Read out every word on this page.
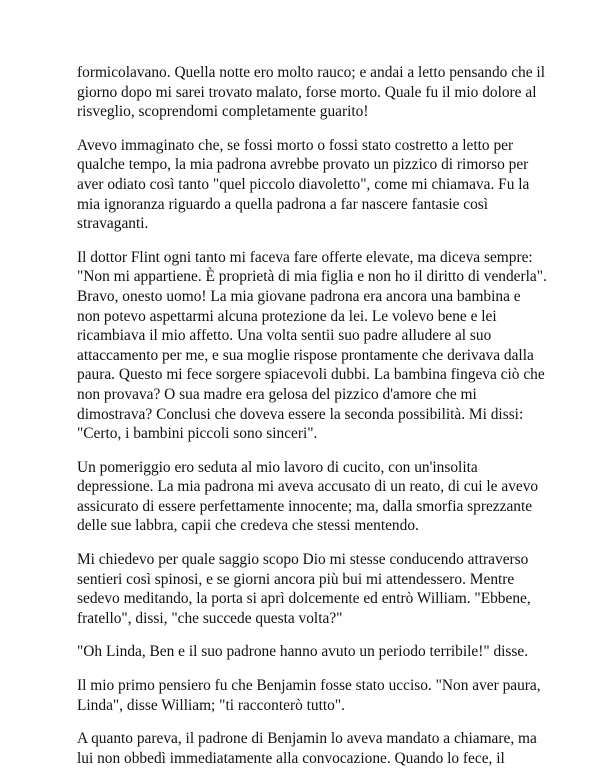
formicolavano. Quella notte ero molto rauco; e andai a letto pensando che il
giorno dopo mi sarei trovato malato, forse morto. Quale fu il mio dolore al
risveglio, scoprendomi completamente guarito!

Avevo immaginato che, se fossi morto o fossi stato costretto a letto per
qualche tempo, la mia padrona avrebbe provato un pizzico di rimorso per
aver odiato così tanto "quel piccolo diavoletto", come mi chiamava. Fu la
mia ignoranza riguardo a quella padrona a far nascere fantasie così
stravaganti.

Il dottor Flint ogni tanto mi faceva fare offerte elevate, ma diceva sempre:
"Non mi appartiene. È proprietà di mia figlia e non ho il diritto di venderla".
Bravo, onesto uomo! La mia giovane padrona era ancora una bambina e
non potevo aspettarmi alcuna protezione da lei. Le volevo bene e lei
ricambiava il mio affetto. Una volta sentii suo padre alludere al suo
attaccamento per me, e sua moglie rispose prontamente che derivava dalla
paura. Questo mi fece sorgere spiacevoli dubbi. La bambina fingeva ciò che
non provava? O sua madre era gelosa del pizzico d'amore che mi
dimostrava? Conclusi che doveva essere la seconda possibilità. Mi dissi:
"Certo, i bambini piccoli sono sinceri".

Un pomeriggio ero seduta al mio lavoro di cucito, con un'insolita
depressione. La mia padrona mi aveva accusato di un reato, di cui le avevo
assicurato di essere perfettamente innocente; ma, dalla smorfia sprezzante
delle sue labbra, capii che credeva che stessi mentendo.

Mi chiedevo per quale saggio scopo Dio mi stesse conducendo attraverso
sentieri così spinosi, e se giorni ancora più bui mi attendessero. Mentre
sedevo meditando, la porta si aprì dolcemente ed entrò William. "Ebbene,
fratello", dissi, "che succede questa volta?"

"Oh Linda, Ben e il suo padrone hanno avuto un periodo terribile!" disse.

Il mio primo pensiero fu che Benjamin fosse stato ucciso. "Non aver paura,
Linda", disse William; "ti racconterò tutto".

A quanto pareva, il padrone di Benjamin lo aveva mandato a chiamare, ma
lui non obbedì immediatamente alla convocazione. Quando lo fece, il
